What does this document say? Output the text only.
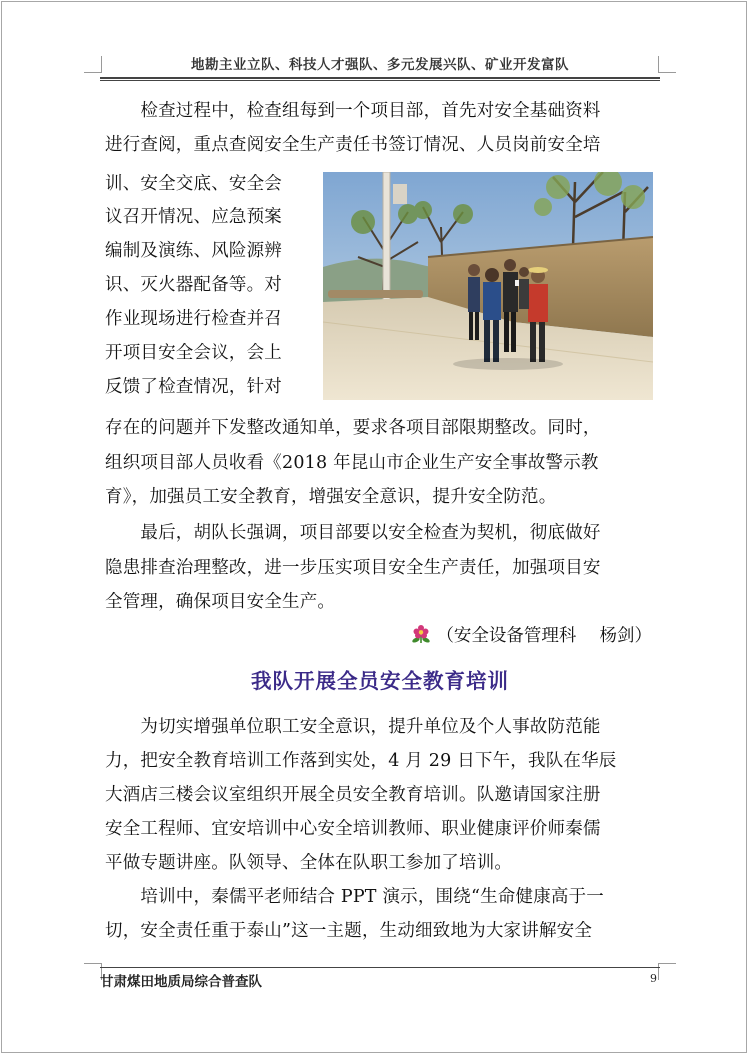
地勘主业立队、科技人才强队、多元发展兴队、矿业开发富队
　　检查过程中，检查组每到一个项目部，首先对安全基础资料
进行查阅，重点查阅安全生产责任书签订情况、人员岗前安全培
训、安全交底、安全会
议召开情况、应急预案
编制及演练、风险源辨
识、灭火器配备等。对
作业现场进行检查并召
开项目安全会议，会上
反馈了检查情况，针对
存在的问题并下发整改通知单，要求各项目部限期整改。同时，
组织项目部人员收看《2018 年昆山市企业生产安全事故警示教
育》，加强员工安全教育，增强安全意识，提升安全防范。
　　最后，胡队长强调，项目部要以安全检查为契机，彻底做好
隐患排查治理整改，进一步压实项目安全生产责任，加强项目安
全管理，确保项目安全生产。
（安全设备管理科　 杨剑）
我队开展全员安全教育培训
　　为切实增强单位职工安全意识，提升单位及个人事故防范能
力，把安全教育培训工作落到实处，4 月 29 日下午，我队在华辰
大酒店三楼会议室组织开展全员安全教育培训。队邀请国家注册
安全工程师、宜安培训中心安全培训教师、职业健康评价师秦儒
平做专题讲座。队领导、全体在队职工参加了培训。
　　培训中，秦儒平老师结合 PPT 演示，围绕“生命健康高于一
切，安全责任重于泰山”这一主题，生动细致地为大家讲解安全
甘肃煤田地质局综合普查队	9
